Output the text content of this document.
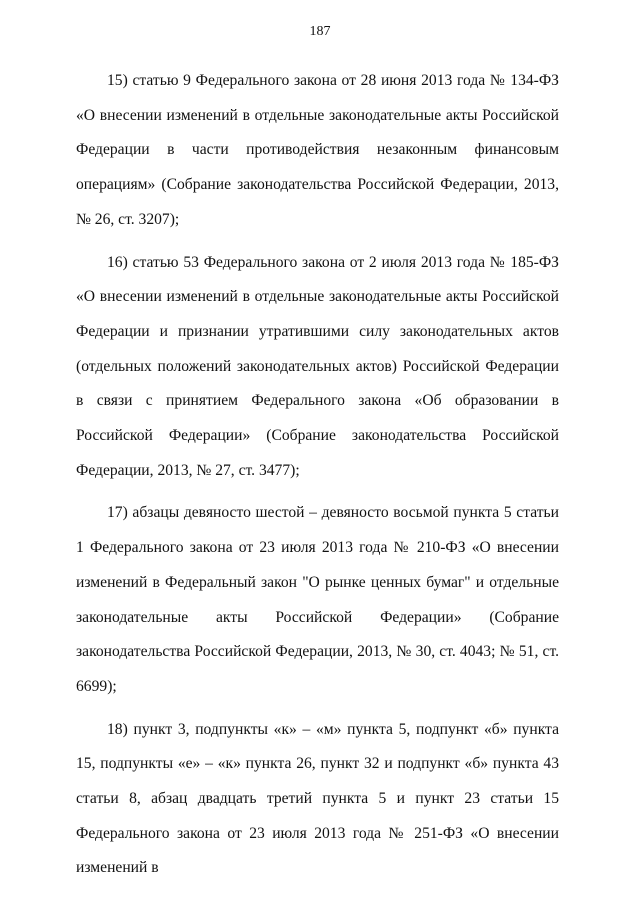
187

15) статью 9 Федерального закона от 28 июня 2013 года № 134-ФЗ «О внесении изменений в отдельные законодательные акты Российской Федерации в части противодействия незаконным финансовым операциям» (Собрание законодательства Российской Федерации, 2013, № 26, ст. 3207);

16) статью 53 Федерального закона от 2 июля 2013 года № 185-ФЗ «О внесении изменений в отдельные законодательные акты Российской Федерации и признании утратившими силу законодательных актов (отдельных положений законодательных актов) Российской Федерации в связи с принятием Федерального закона «Об образовании в Российской Федерации» (Собрание законодательства Российской Федерации, 2013, № 27, ст. 3477);

17) абзацы девяносто шестой – девяносто восьмой пункта 5 статьи 1 Федерального закона от 23 июля 2013 года № 210-ФЗ «О внесении изменений в Федеральный закон "О рынке ценных бумаг" и отдельные законодательные акты Российской Федерации» (Собрание законодательства Российской Федерации, 2013, № 30, ст. 4043; № 51, ст. 6699);

18) пункт 3, подпункты «к» – «м» пункта 5, подпункт «б» пункта 15, подпункты «е» – «к» пункта 26, пункт 32 и подпункт «б» пункта 43 статьи 8, абзац двадцать третий пункта 5 и пункт 23 статьи 15 Федерального закона от 23 июля 2013 года № 251-ФЗ «О внесении изменений в
